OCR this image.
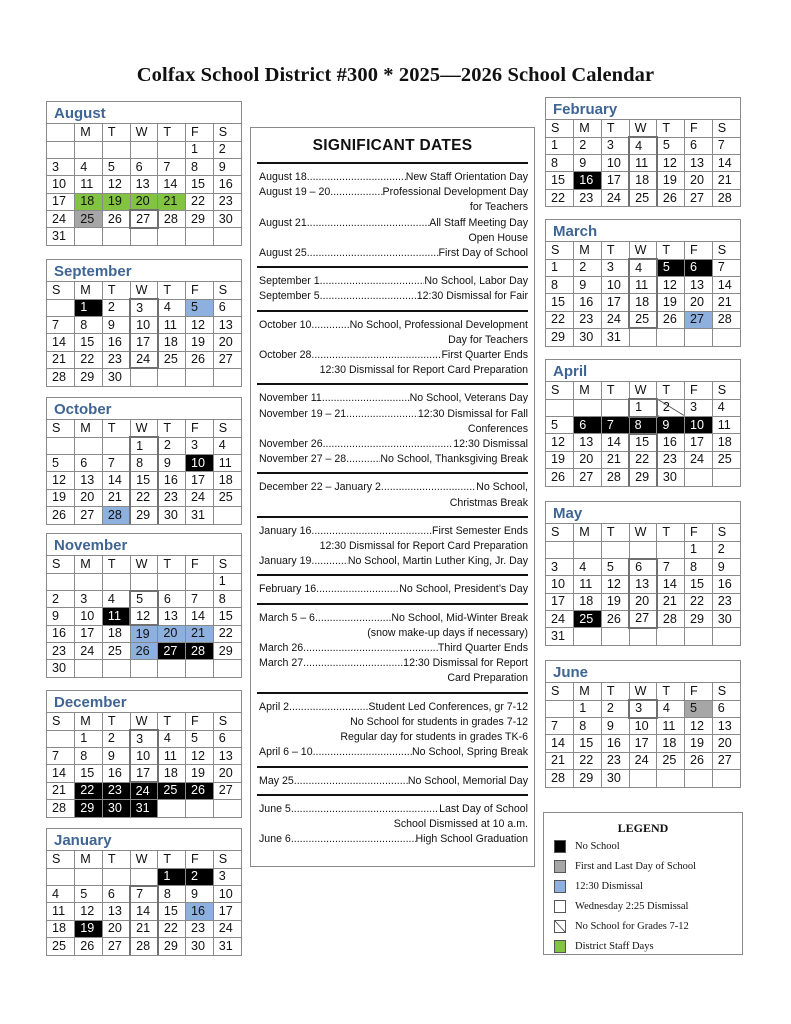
Colfax School District #300 * 2025—2026 School Calendar
August
	M	T	W	T	F	S
					1	2
3	4	5	6	7	8	9
10	11	12	13	14	15	16
17	18	19	20	21	22	23
24	25	26	27	28	29	30
31						
September
S	M	T	W	T	F	S
	1	2	3	4	5	6
7	8	9	10	11	12	13
14	15	16	17	18	19	20
21	22	23	24	25	26	27
28	29	30				
October
S	M	T	W	T	F	S
			1	2	3	4
5	6	7	8	9	10	11
12	13	14	15	16	17	18
19	20	21	22	23	24	25
26	27	28	29	30	31	
November
S	M	T	W	T	F	S
						1
2	3	4	5	6	7	8
9	10	11	12	13	14	15
16	17	18	19	20	21	22
23	24	25	26	27	28	29
30						
December
S	M	T	W	T	F	S
	1	2	3	4	5	6
7	8	9	10	11	12	13
14	15	16	17	18	19	20
21	22	23	24	25	26	27
28	29	30	31			
January
S	M	T	W	T	F	S
				1	2	3
4	5	6	7	8	9	10
11	12	13	14	15	16	17
18	19	20	21	22	23	24
25	26	27	28	29	30	31
February
S	M	T	W	T	F	S
1	2	3	4	5	6	7
8	9	10	11	12	13	14
15	16	17	18	19	20	21
22	23	24	25	26	27	28
March
S	M	T	W	T	F	S
1	2	3	4	5	6	7
8	9	10	11	12	13	14
15	16	17	18	19	20	21
22	23	24	25	26	27	28
29	30	31				
April
S	M	T	W	T	F	S
			1	2	3	4
5	6	7	8	9	10	11
12	13	14	15	16	17	18
19	20	21	22	23	24	25
26	27	28	29	30		
May
S	M	T	W	T	F	S
					1	2
3	4	5	6	7	8	9
10	11	12	13	14	15	16
17	18	19	20	21	22	23
24	25	26	27	28	29	30
31						
June
S	M	T	W	T	F	S
	1	2	3	4	5	6
7	8	9	10	11	12	13
14	15	16	17	18	19	20
21	22	23	24	25	26	27
28	29	30				
SIGNIFICANT DATES
August 18 .....	New Staff Orientation Day
August 19 – 20 .....	Professional Development Day
for Teachers
August 21 .....	All Staff Meeting Day
Open House
August 25 .....	First Day of School
September 1 .....	No School, Labor Day
September 5 .....	12:30 Dismissal for Fair
October 10 .....	No School, Professional Development
Day for Teachers
October 28 .....	First Quarter Ends
12:30 Dismissal for Report Card Preparation
November 11 .....	No School, Veterans Day
November 19 – 21 .....	12:30 Dismissal for Fall
Conferences
November 26 .....	12:30 Dismissal
November 27 – 28 .....	No School, Thanksgiving Break
December 22 – January 2 .....	No School,
Christmas Break
January 16 .....	First Semester Ends
12:30 Dismissal for Report Card Preparation
January 19 .....	No School, Martin Luther King, Jr. Day
February 16 .....	No School, President’s Day
March 5 – 6 .....	No School, Mid-Winter Break
(snow make-up days if necessary)
March 26 .....	Third Quarter Ends
March 27 .....	12:30 Dismissal for Report
Card Preparation
April 2 .....	Student Led Conferences, gr 7-12
No School for students in grades 7-12
Regular day for students in grades TK-6
April 6 – 10 .....	No School, Spring Break
May 25 .....	No School, Memorial Day
June 5 .....	Last Day of School
School Dismissed at 10 a.m.
June 6 .....	High School Graduation
LEGEND
No School
First and Last Day of School
12:30 Dismissal
Wednesday 2:25 Dismissal
No School for Grades 7-12
District Staff Days
